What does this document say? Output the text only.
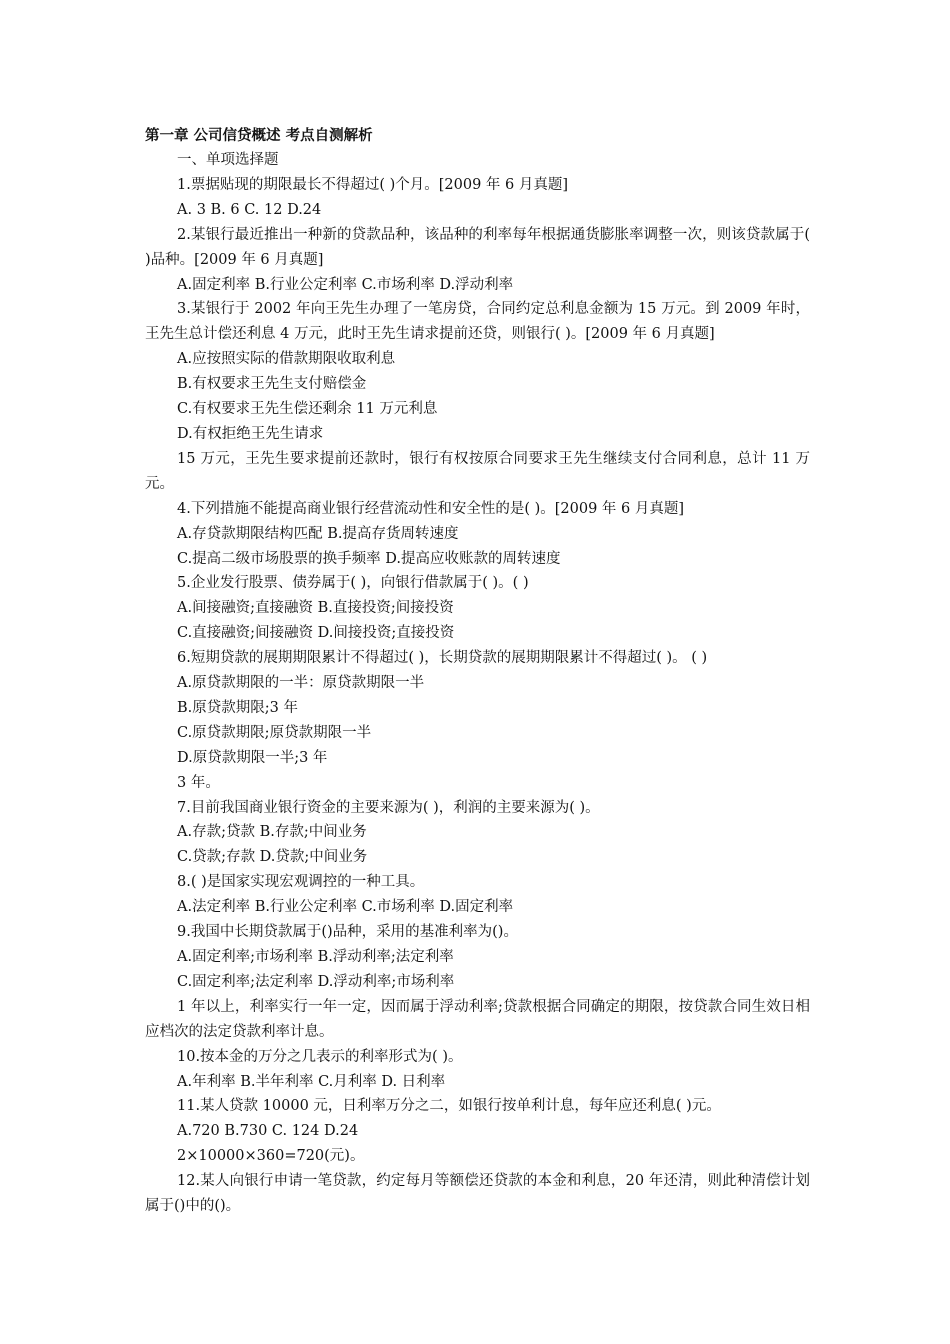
第一章 公司信贷概述 考点自测解析

一、单项选择题

1.票据贴现的期限最长不得超过( )个月。[2009 年 6 月真题]

A. 3 B. 6 C. 12 D.24

2.某银行最近推出一种新的贷款品种，该品种的利率每年根据通货膨胀率调整一次，则该贷款属于( )品种。[2009 年 6 月真题]

A.固定利率 B.行业公定利率 C.市场利率 D.浮动利率

3.某银行于 2002 年向王先生办理了一笔房贷，合同约定总利息金额为 15 万元。到 2009 年时，王先生总计偿还利息 4 万元，此时王先生请求提前还贷，则银行( )。[2009 年 6 月真题]

A.应按照实际的借款期限收取利息

B.有权要求王先生支付赔偿金

C.有权要求王先生偿还剩余 11 万元利息

D.有权拒绝王先生请求

15 万元，王先生要求提前还款时，银行有权按原合同要求王先生继续支付合同利息，总计 11 万元。

4.下列措施不能提高商业银行经营流动性和安全性的是( )。[2009 年 6 月真题]

A.存贷款期限结构匹配 B.提高存货周转速度

C.提高二级市场股票的换手频率 D.提高应收账款的周转速度

5.企业发行股票、债券属于( )，向银行借款属于( )。( )

A.间接融资;直接融资 B.直接投资;间接投资

C.直接融资;间接融资 D.间接投资;直接投资

6.短期贷款的展期期限累计不得超过( )，长期贷款的展期期限累计不得超过( )。 ( )

A.原贷款期限的一半：原贷款期限一半

B.原贷款期限;3 年

C.原贷款期限;原贷款期限一半

D.原贷款期限一半;3 年

3 年。

7.目前我国商业银行资金的主要来源为( )，利润的主要来源为( )。

A.存款;贷款 B.存款;中间业务

C.贷款;存款 D.贷款;中间业务

8.( )是国家实现宏观调控的一种工具。

A.法定利率 B.行业公定利率 C.市场利率 D.固定利率

9.我国中长期贷款属于()品种，采用的基准利率为()。

A.固定利率;市场利率 B.浮动利率;法定利率

C.固定利率;法定利率 D.浮动利率;市场利率

1 年以上，利率实行一年一定，因而属于浮动利率;贷款根据合同确定的期限，按贷款合同生效日相应档次的法定贷款利率计息。

10.按本金的万分之几表示的利率形式为( )。

A.年利率 B.半年利率 C.月利率 D. 日利率

11.某人贷款 10000 元，日利率万分之二，如银行按单利计息，每年应还利息( )元。

A.720 B.730 C. 124 D.24

2×10000×360=720(元)。

12.某人向银行申请一笔贷款，约定每月等额偿还贷款的本金和利息，20 年还清，则此种清偿计划属于()中的()。
